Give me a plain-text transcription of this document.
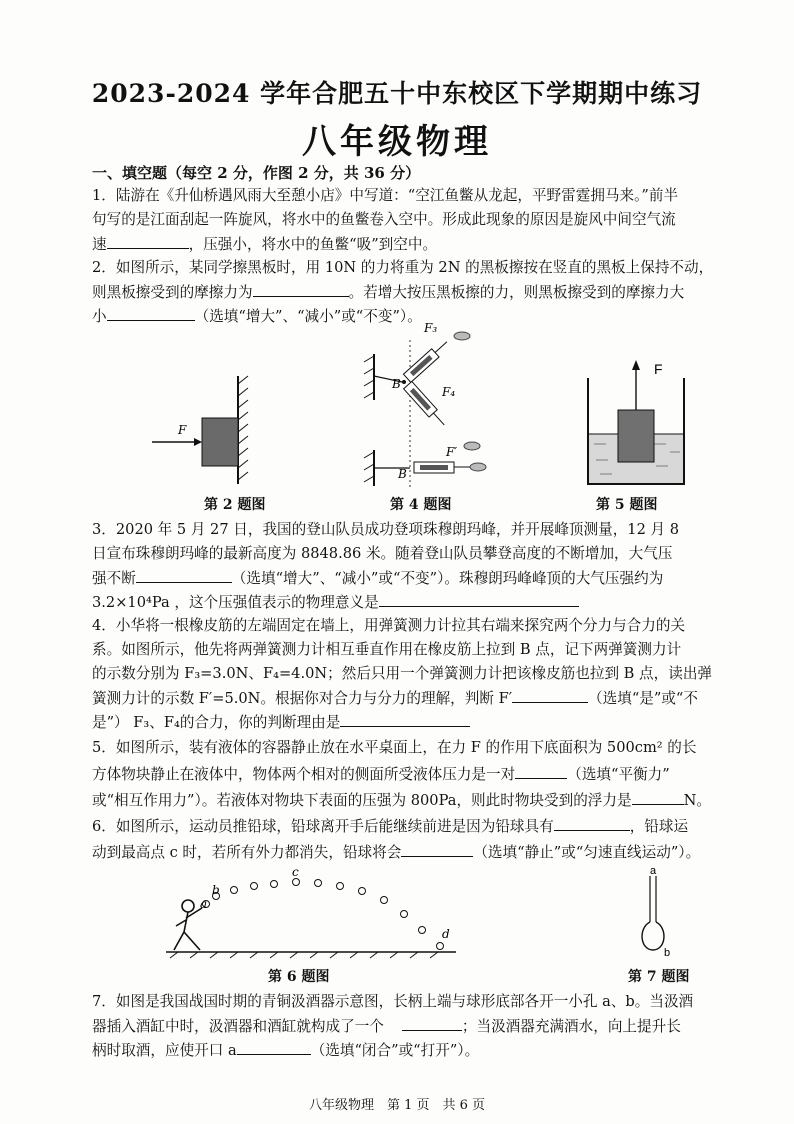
2023-2024 学年合肥五十中东校区下学期期中练习
八年级物理
一、填空题（每空 2 分，作图 2 分，共 36 分）
1．陆游在《升仙桥遇风雨大至憩小店》中写道：“空江鱼鳖从龙起，平野雷霆拥马来。”前半
句写的是江面刮起一阵旋风，将水中的鱼鳖卷入空中。形成此现象的原因是旋风中间空气流
速	，压强小，将水中的鱼鳖“吸”到空中。
2．如图所示，某同学擦黑板时，用 10N 的力将重为 2N 的黑板擦按在竖直的黑板上保持不动，
则黑板擦受到的摩擦力为	。若增大按压黑板擦的力，则黑板擦受到的摩擦力大
小	（选填“增大”、“减小”或“不变”）。
F
第 2 题图
B
F₃
F₄
B
F′
第 4 题图
F
第 5 题图
3．2020 年 5 月 27 日，我国的登山队员成功登项珠穆朗玛峰，并开展峰顶测量，12 月 8
日宣布珠穆朗玛峰的最新高度为 8848.86 米。随着登山队员攀登高度的不断增加，大气压
强不断	（选填“增大”、“减小”或“不变”）。珠穆朗玛峰峰顶的大气压强约为
3.2×10⁴Pa ，这个压强值表示的物理意义是
4．小华将一根橡皮筋的左端固定在墙上，用弹簧测力计拉其右端来探究两个分力与合力的关
系。如图所示，他先将两弹簧测力计相互垂直作用在橡皮筋上拉到 B 点，记下两弹簧测力计
的示数分别为 F₃=3.0N、F₄=4.0N；然后只用一个弹簧测力计把该橡皮筋也拉到 B 点，读出弹
簧测力计的示数 F′=5.0N。根据你对合力与分力的理解，判断 F′	（选填“是”或“不
是”） F₃、F₄的合力，你的判断理由是
5．如图所示，装有液体的容器静止放在水平桌面上，在力 F 的作用下底面积为 500cm² 的长
方体物块静止在液体中，物体两个相对的侧面所受液体压力是一对	（选填“平衡力”
或“相互作用力”）。若液体对物块下表面的压强为 800Pa，则此时物块受到的浮力是	N。
6．如图所示，运动员推铅球，铅球离开手后能继续前进是因为铅球具有	，铅球运
动到最高点 c 时，若所有外力都消失，铅球将会	（选填“静止”或“匀速直线运动”）。
a
b
c
d
第 6 题图
a
b
第 7 题图
7．如图是我国战国时期的青铜汲酒器示意图，长柄上端与球形底部各开一小孔 a、b。当汲酒
器插入酒缸中时，汲酒器和酒缸就构成了一个	；当汲酒器充满酒水，向上提升长
柄时取酒，应使开口 a	（选填“闭合”或“打开”）。
八年级物理　第 1 页　共 6 页
